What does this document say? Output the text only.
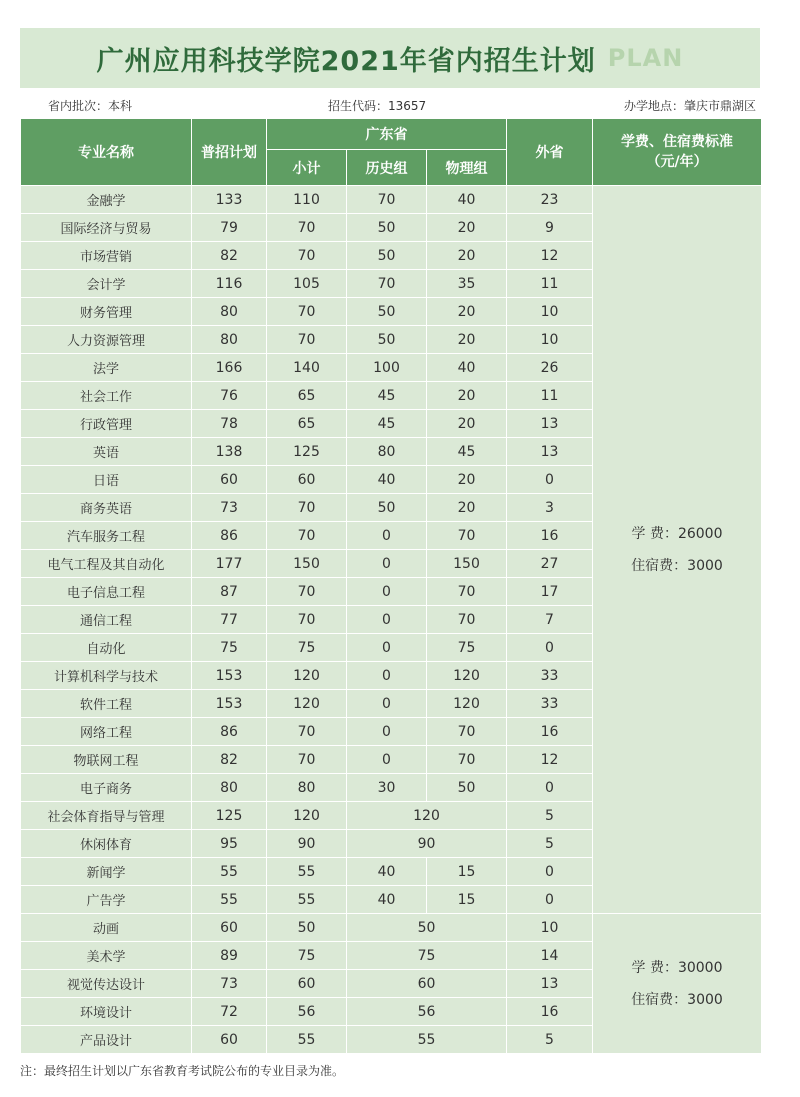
广州应用科技学院2021年省内招生计划 PLAN
省内批次：本科	招生代码：13657	办学地点：肇庆市鼎湖区
专业名称	普招计划	广东省			外省	学费、住宿费标准（元/年）
		小计	历史组	物理组		
金融学	133	110	70	40	23	学 费：26000
住宿费：3000

国际经济与贸易	79	70	50	20	9	
市场营销	82	70	50	20	12	
会计学	116	105	70	35	11	
财务管理	80	70	50	20	10	
人力资源管理	80	70	50	20	10	
法学	166	140	100	40	26	
社会工作	76	65	45	20	11	
行政管理	78	65	45	20	13	
英语	138	125	80	45	13	
日语	60	60	40	20	0	
商务英语	73	70	50	20	3	
汽车服务工程	86	70	0	70	16	
电气工程及其自动化	177	150	0	150	27	
电子信息工程	87	70	0	70	17	
通信工程	77	70	0	70	7	
自动化	75	75	0	75	0	
计算机科学与技术	153	120	0	120	33	
软件工程	153	120	0	120	33	
网络工程	86	70	0	70	16	
物联网工程	82	70	0	70	12	
电子商务	80	80	30	50	0	
社会体育指导与管理	125	120	120		5	
休闲体育	95	90	90		5	
新闻学	55	55	40	15	0	
广告学	55	55	40	15	0	
动画	60	50	50		10	学 费：30000
住宿费：3000

美术学	89	75	75		14	
视觉传达设计	73	60	60		13	
环境设计	72	56	56		16	
产品设计	60	55	55		5	
注：最终招生计划以广东省教育考试院公布的专业目录为准。
